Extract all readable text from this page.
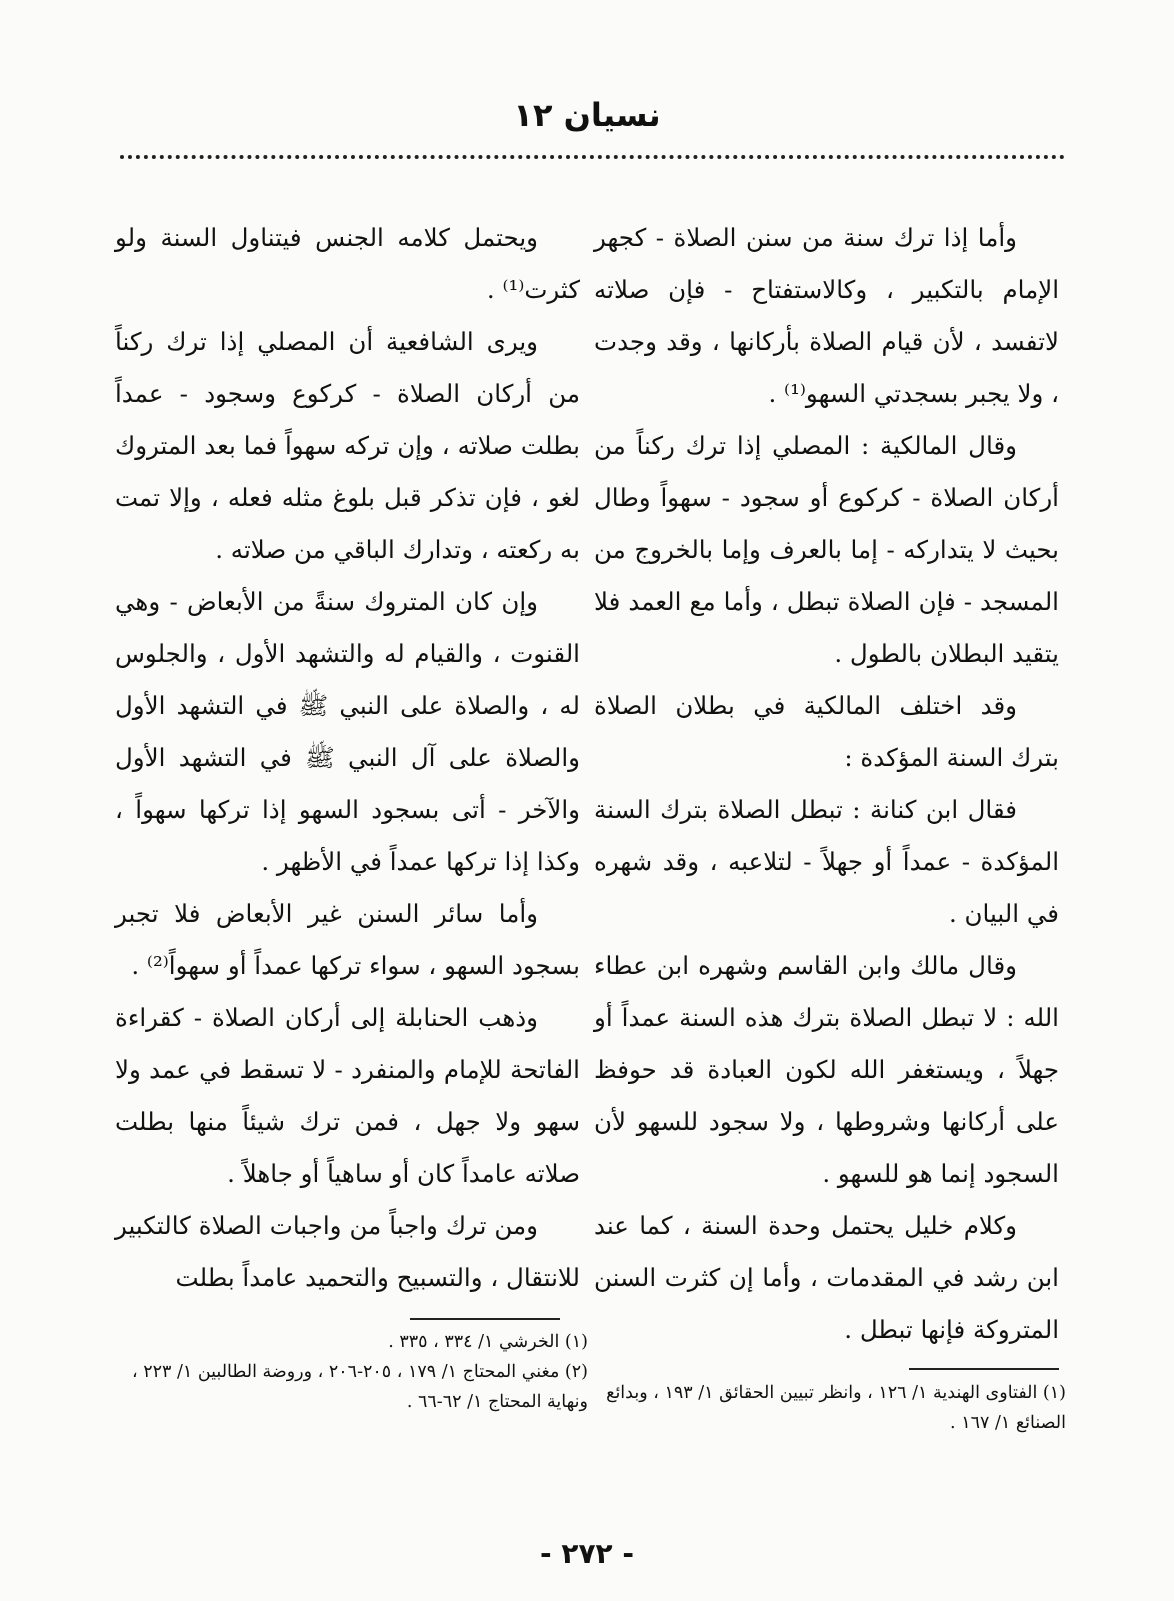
نسيان ١٢

وأما إذا ترك سنة من سنن الصلاة - كجهر الإمام بالتكبير ، وكالاستفتاح - فإن صلاته لاتفسد ، لأن قيام الصلاة بأركانها ، وقد وجدت ، ولا يجبر بسجدتي السهو⁽¹⁾ .

وقال المالكية : المصلي إذا ترك ركناً من أركان الصلاة - كركوع أو سجود - سهواً وطال بحيث لا يتداركه - إما بالعرف وإما بالخروج من المسجد - فإن الصلاة تبطل ، وأما مع العمد فلا يتقيد البطلان بالطول .

وقد اختلف المالكية في بطلان الصلاة بترك السنة المؤكدة :

فقال ابن كنانة : تبطل الصلاة بترك السنة المؤكدة - عمداً أو جهلاً - لتلاعبه ، وقد شهره في البيان .

وقال مالك وابن القاسم وشهره ابن عطاء الله : لا تبطل الصلاة بترك هذه السنة عمداً أو جهلاً ، ويستغفر الله لكون العبادة قد حوفظ على أركانها وشروطها ، ولا سجود للسهو لأن السجود إنما هو للسهو .

وكلام خليل يحتمل وحدة السنة ، كما عند ابن رشد في المقدمات ، وأما إن كثرت السنن المتروكة فإنها تبطل .

ويحتمل كلامه الجنس فيتناول السنة ولو كثرت⁽¹⁾ .

ويرى الشافعية أن المصلي إذا ترك ركناً من أركان الصلاة - كركوع وسجود - عمداً بطلت صلاته ، وإن تركه سهواً فما بعد المتروك لغو ، فإن تذكر قبل بلوغ مثله فعله ، وإلا تمت به ركعته ، وتدارك الباقي من صلاته .

وإن كان المتروك سنةً من الأبعاض - وهي القنوت ، والقيام له والتشهد الأول ، والجلوس له ، والصلاة على النبي ﷺ في التشهد الأول والصلاة على آل النبي ﷺ في التشهد الأول والآخر - أتى بسجود السهو إذا تركها سهواً ، وكذا إذا تركها عمداً في الأظهر .

وأما سائر السنن غير الأبعاض فلا تجبر بسجود السهو ، سواء تركها عمداً أو سهواً⁽²⁾ .

وذهب الحنابلة إلى أركان الصلاة - كقراءة الفاتحة للإمام والمنفرد - لا تسقط في عمد ولا سهو ولا جهل ، فمن ترك شيئاً منها بطلت صلاته عامداً كان أو ساهياً أو جاهلاً .

ومن ترك واجباً من واجبات الصلاة كالتكبير للانتقال ، والتسبيح والتحميد عامداً بطلت

(١) الفتاوى الهندية ١/ ١٢٦ ، وانظر تبيين الحقائق ١/ ١٩٣ ، وبدائع الصنائع ١/ ١٦٧ .

(١) الخرشي ١/ ٣٣٤ ، ٣٣٥ .

(٢) مغني المحتاج ١/ ١٧٩ ، ٢٠٥-٢٠٦ ، وروضة الطالبين ١/ ٢٢٣ ، ونهاية المحتاج ١/ ٦٢-٦٦ .

- ٢٧٢ -
